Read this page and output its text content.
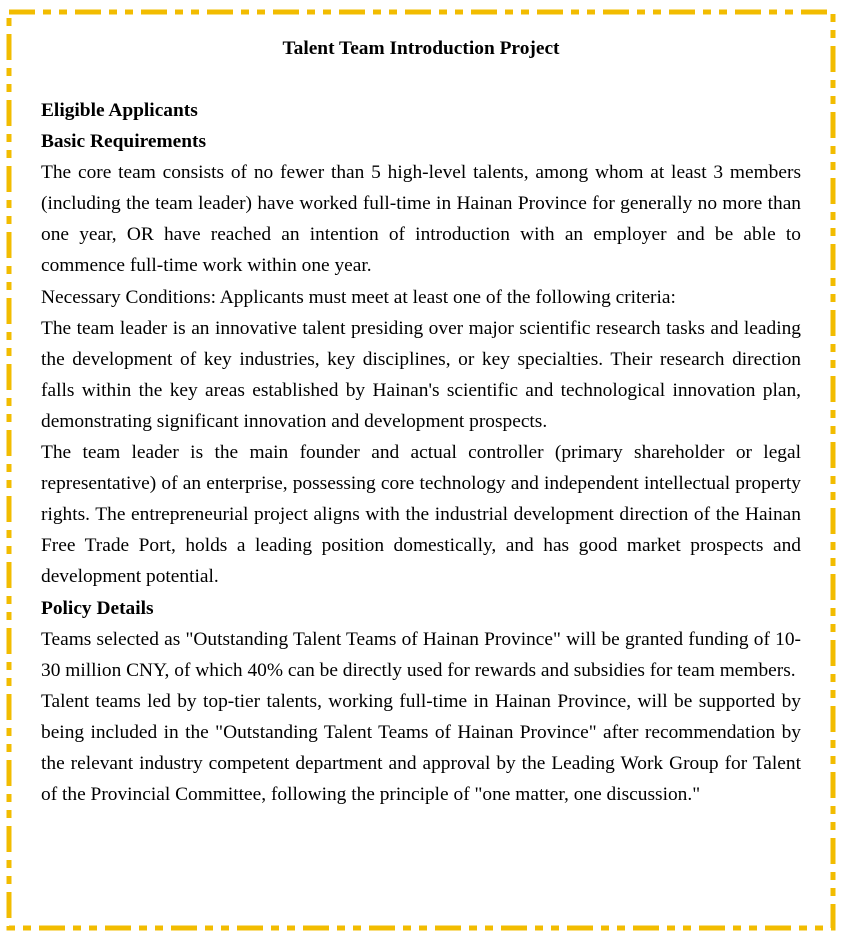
Talent Team Introduction Project
Eligible Applicants
Basic Requirements

The core team consists of no fewer than 5 high-level talents, among whom at least 3 members (including the team leader) have worked full-time in Hainan Province for generally no more than one year, OR have reached an intention of introduction with an employer and be able to commence full-time work within one year.

Necessary Conditions: Applicants must meet at least one of the following criteria:

The team leader is an innovative talent presiding over major scientific research tasks and leading the development of key industries, key disciplines, or key specialties. Their research direction falls within the key areas established by Hainan's scientific and technological innovation plan, demonstrating significant innovation and development prospects.

The team leader is the main founder and actual controller (primary shareholder or legal representative) of an enterprise, possessing core technology and independent intellectual property rights. The entrepreneurial project aligns with the industrial development direction of the Hainan Free Trade Port, holds a leading position domestically, and has good market prospects and development potential.

Policy Details

Teams selected as "Outstanding Talent Teams of Hainan Province" will be granted funding of 10-30 million CNY, of which 40% can be directly used for rewards and subsidies for team members.

Talent teams led by top-tier talents, working full-time in Hainan Province, will be supported by being included in the "Outstanding Talent Teams of Hainan Province" after recommendation by the relevant industry competent department and approval by the Leading Work Group for Talent of the Provincial Committee, following the principle of "one matter, one discussion."
